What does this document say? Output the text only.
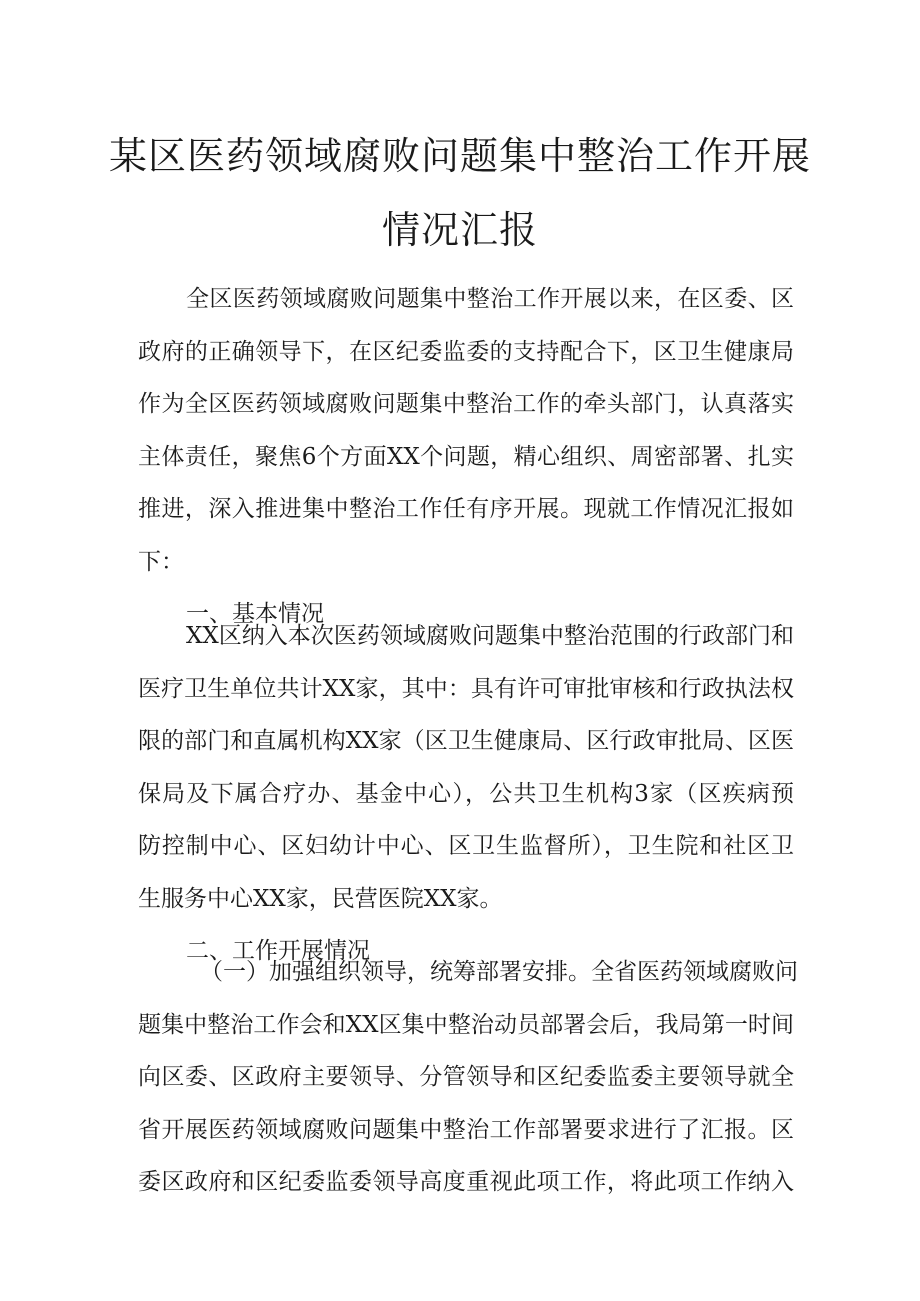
某区医药领域腐败问题集中整治工作开展
情况汇报
全区医药领域腐败问题集中整治工作开展以来，在区委、区
政府的正确领导下，在区纪委监委的支持配合下，区卫生健康局
作为全区医药领域腐败问题集中整治工作的牵头部门，认真落实
主体责任，聚焦6个方面XX个问题，精心组织、周密部署、扎实
推进，深入推进集中整治工作任有序开展。现就工作情况汇报如
下：
一、基本情况
XX区纳入本次医药领域腐败问题集中整治范围的行政部门和
医疗卫生单位共计XX家，其中：具有许可审批审核和行政执法权
限的部门和直属机构XX家（区卫生健康局、区行政审批局、区医
保局及下属合疗办、基金中心），公共卫生机构3家（区疾病预
防控制中心、区妇幼计中心、区卫生监督所），卫生院和社区卫
生服务中心XX家，民营医院XX家。
二、工作开展情况
（一）加强组织领导，统筹部署安排。全省医药领域腐败问
题集中整治工作会和XX区集中整治动员部署会后，我局第一时间
向区委、区政府主要领导、分管领导和区纪委监委主要领导就全
省开展医药领域腐败问题集中整治工作部署要求进行了汇报。区
委区政府和区纪委监委领导高度重视此项工作，将此项工作纳入
